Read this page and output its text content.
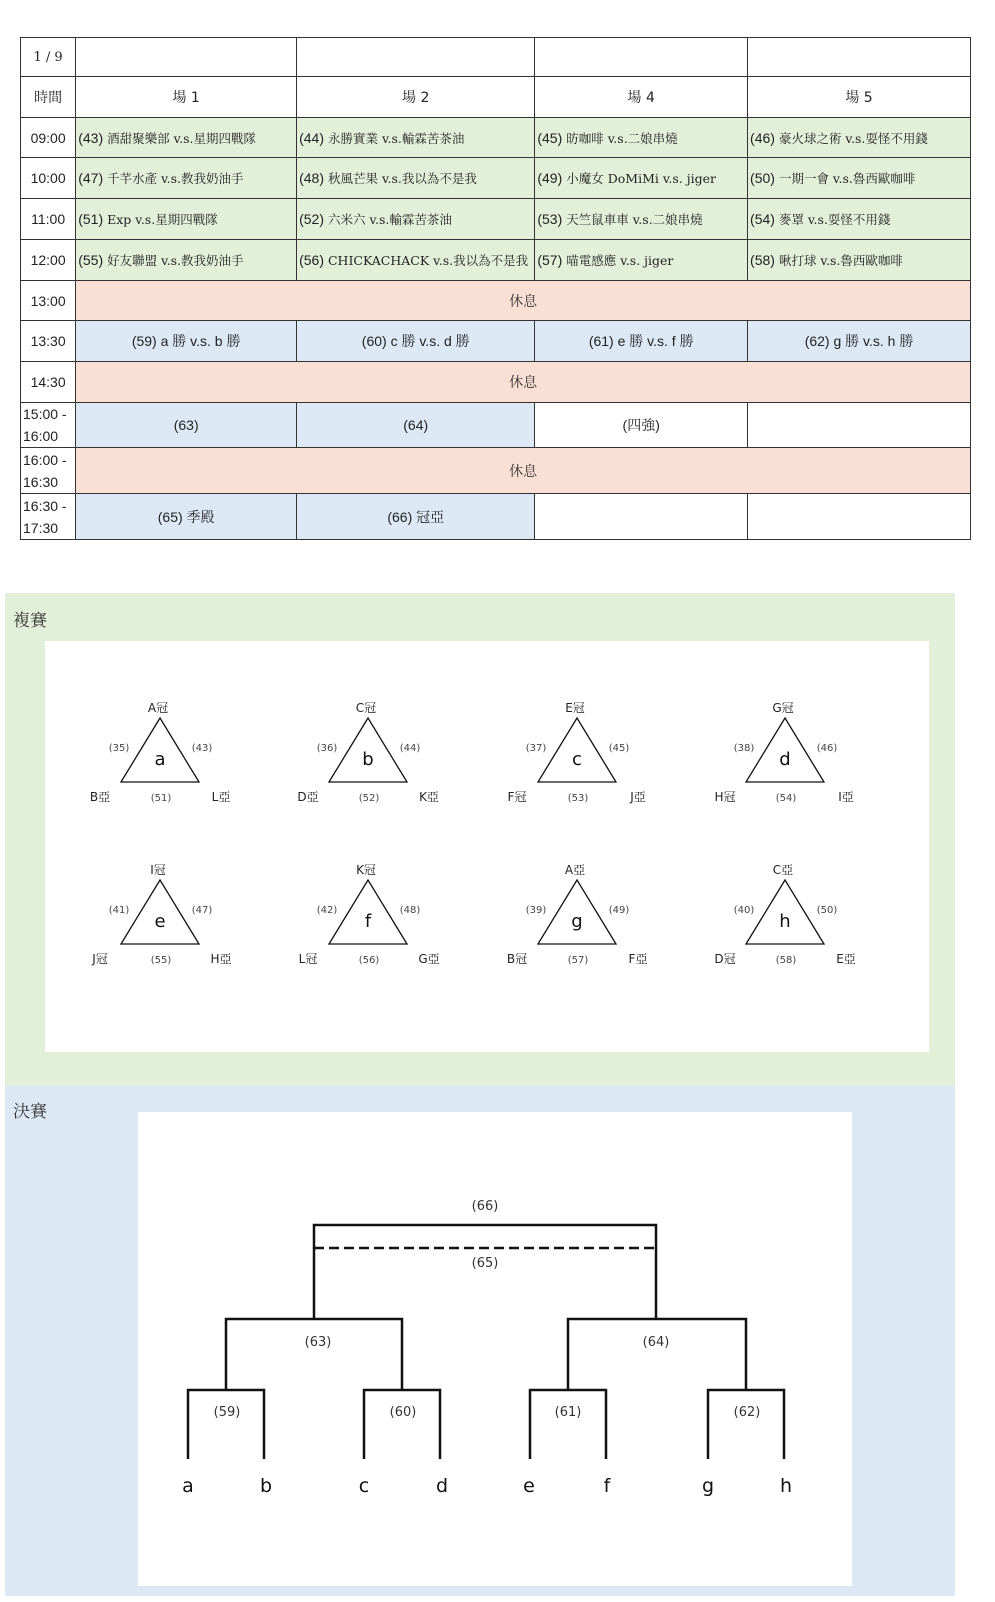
1 / 9				
時間	場 1	場 2	場 4	場 5
09:00	(43) 酒甜聚樂部 v.s.星期四戰隊	(44) 永勝實業 v.s.輸霖苦茶油	(45) 昉咖啡 v.s.二娘串燒	(46) 豪火球之術 v.s.耍怪不用錢
10:00	(47) 千芊水產 v.s.教我奶油手	(48) 秋風芒果 v.s.我以為不是我	(49) 小魔女 DoMiMi v.s. jiger	(50) 一期一會 v.s.魯西歐咖啡
11:00	(51) Exp v.s.星期四戰隊	(52) 六米六 v.s.輸霖苦茶油	(53) 天竺鼠車車 v.s.二娘串燒	(54) 麥罩 v.s.耍怪不用錢
12:00	(55) 好友聯盟 v.s.教我奶油手	(56) CHICKACHACK v.s.我以為不是我	(57) 喵電感應 v.s. jiger	(58) 啾打球 v.s.魯西歐咖啡
13:00	休息			
13:30	(59) a 勝 v.s. b 勝	(60) c 勝 v.s. d 勝	(61) e 勝 v.s. f 勝	(62) g 勝 v.s. h 勝
14:30	休息			
15:00 - 16:00	(63)	(64)	(四強)	
16:00 - 16:30	休息			
16:30 - 17:30	(65) 季殿	(66) 冠亞		
複賽
a
A冠
B亞	L亞
(35)	(43)
(51)
b
C冠
D亞	K亞
(36)	(44)
(52)
c
E冠
F冠	J亞
(37)	(45)
(53)
d
G冠
H冠	I亞
(38)	(46)
(54)
e
I冠
J冠	H亞
(41)	(47)
(55)
f
K冠
L冠	G亞
(42)	(48)
(56)
g
A亞
B冠	F亞
(39)	(49)
(57)
h
C亞
D冠	E亞
(40)	(50)
(58)
決賽
(66)
(65)
(63)	(64)
(59)	(60)	(61)	(62)
a	b	c	d	e	f	g	h
